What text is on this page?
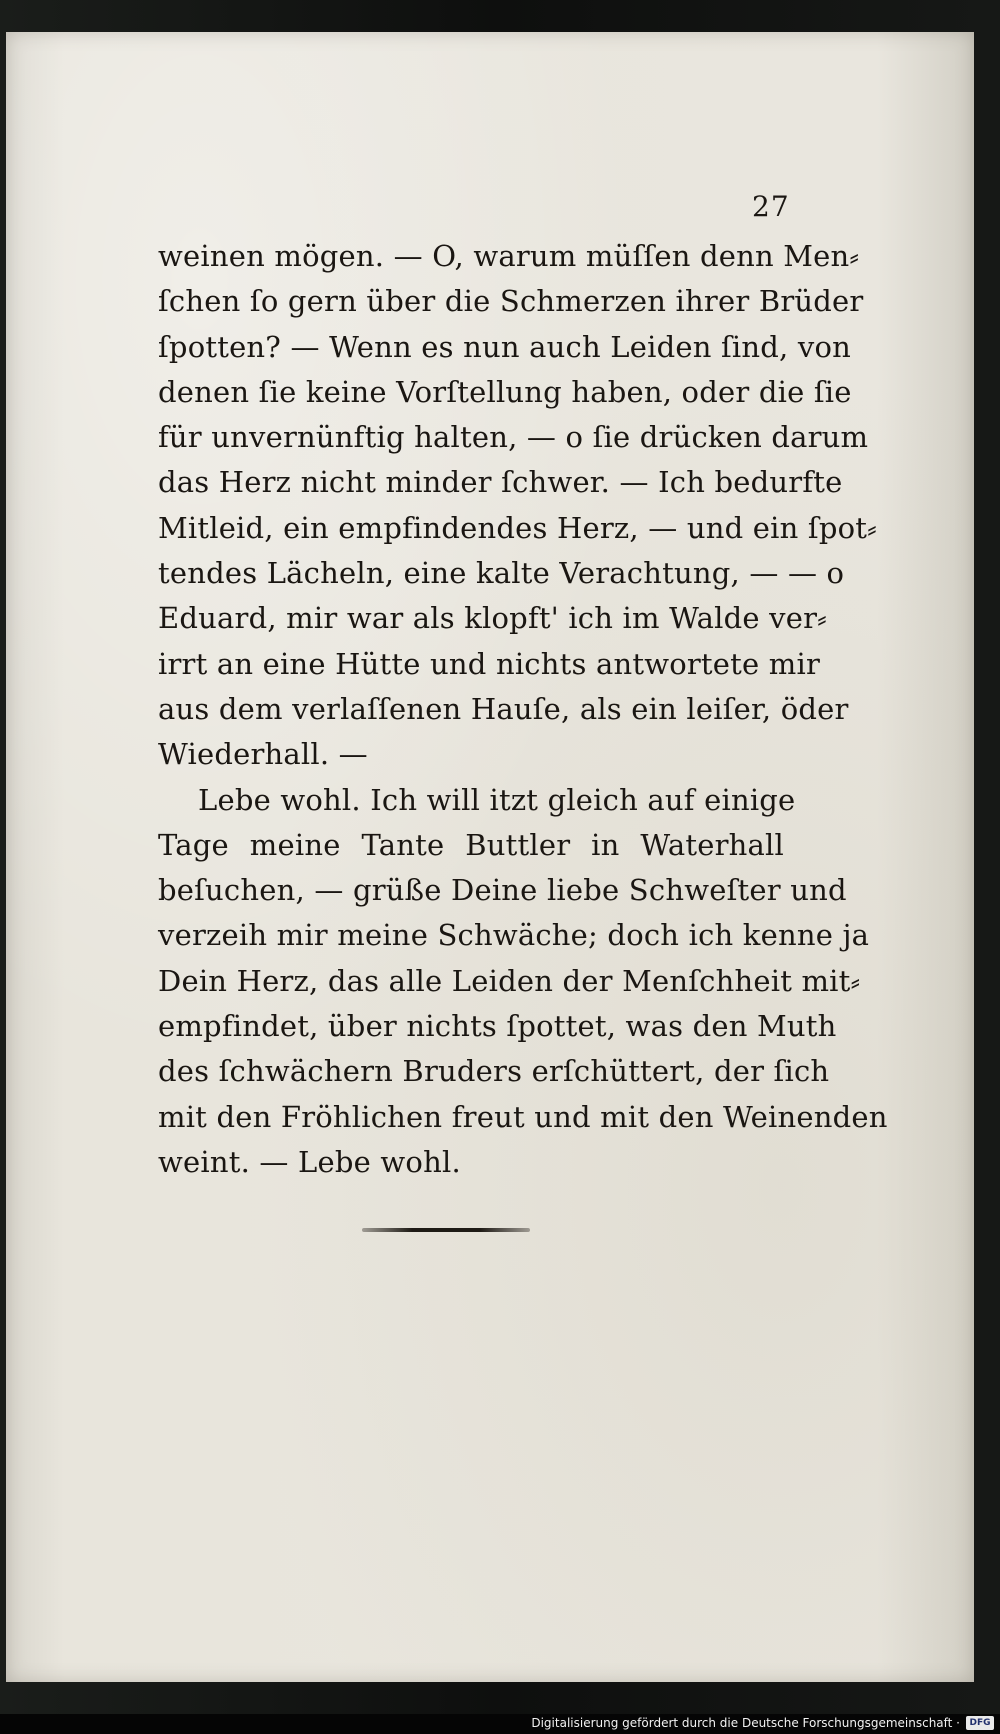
27
weinen mögen. — O, warum müſſen denn Men⸗
ſchen ſo gern über die Schmerzen ihrer Brüder
ſpotten? — Wenn es nun auch Leiden ſind, von
denen ſie keine Vorſtellung haben, oder die ſie
für unvernünftig halten, — o ſie drücken darum
das Herz nicht minder ſchwer. — Ich bedurfte
Mitleid, ein empfindendes Herz, — und ein ſpot⸗
tendes Lächeln, eine kalte Verachtung, — — o
Eduard, mir war als klopft' ich im Walde ver⸗
irrt an eine Hütte und nichts antwortete mir
aus dem verlaſſenen Hauſe, als ein leiſer, öder
Wiederhall. —
Lebe wohl. Ich will itzt gleich auf einige
Tage meine Tante Buttler in Waterhall
beſuchen, — grüße Deine liebe Schweſter und
verzeih mir meine Schwäche; doch ich kenne ja
Dein Herz, das alle Leiden der Menſchheit mit⸗
empfindet, über nichts ſpottet, was den Muth
des ſchwächern Bruders erſchüttert, der ſich
mit den Fröhlichen freut und mit den Weinenden
weint. — Lebe wohl.
Digitalisierung gefördert durch die Deutsche Forschungsgemeinschaft ·	DFG
